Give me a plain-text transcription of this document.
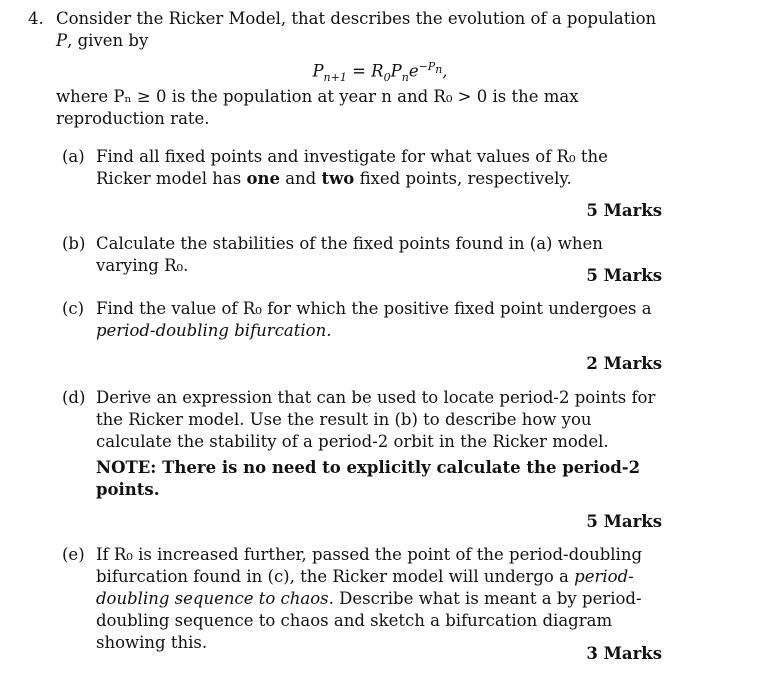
4. Consider the Ricker Model, that describes the evolution of a population P, given by
$P_{n+1} = R_0P_ne^{-P_n}$,
where Pₙ ≥ 0 is the population at year n and R₀ > 0 is the max reproduction rate.
(a) Find all fixed points and investigate for what values of R₀ the Ricker model has one and two fixed points, respectively.
5 Marks
(b) Calculate the stabilities of the fixed points found in (a) when varying R₀.
5 Marks
(c) Find the value of R₀ for which the positive fixed point undergoes a period-doubling bifurcation.
2 Marks
(d) Derive an expression that can be used to locate period-2 points for the Ricker model. Use the result in (b) to describe how you calculate the stability of a period-2 orbit in the Ricker model.
NOTE: There is no need to explicitly calculate the period-2 points.
5 Marks
(e) If R₀ is increased further, passed the point of the period-doubling bifurcation found in (c), the Ricker model will undergo a period-doubling sequence to chaos. Describe what is meant a by period-doubling sequence to chaos and sketch a bifurcation diagram showing this.
3 Marks
